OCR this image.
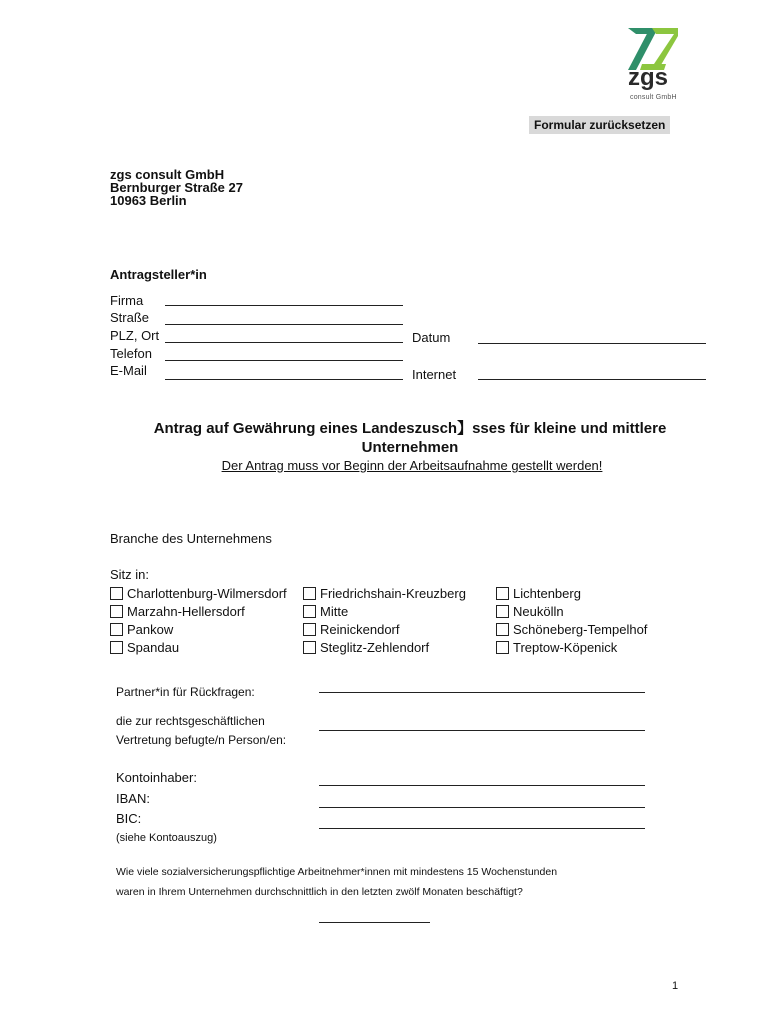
zgs
consult GmbH
Formular zurücksetzen
zgs consult GmbH
Bernburger Straße 27
10963 Berlin
Antragsteller*in
Firma
Straße
PLZ, Ort
Telefon
E-Mail
Datum
Internet
Antrag auf Gewährung eines Landeszusch】sses für kleine und mittlere
Unternehmen
Der Antrag muss vor Beginn der Arbeitsaufnahme gestellt werden!
Branche des Unternehmens
Sitz in:
Charlottenburg-Wilmersdorf	Friedrichshain-Kreuzberg	Lichtenberg
Marzahn-Hellersdorf	Mitte	Neukölln
Pankow	Reinickendorf	Schöneberg-Tempelhof
Spandau	Steglitz-Zehlendorf	Treptow-Köpenick
Partner*in für Rückfragen:
die zur rechtsgeschäftlichen
Vertretung befugte/n Person/en:
Kontoinhaber:
IBAN:
BIC:
(siehe Kontoauszug)
Wie viele sozialversicherungspflichtige Arbeitnehmer*innen mit mindestens 15 Wochenstunden
waren in Ihrem Unternehmen durchschnittlich in den letzten zwölf Monaten beschäftigt?
1
